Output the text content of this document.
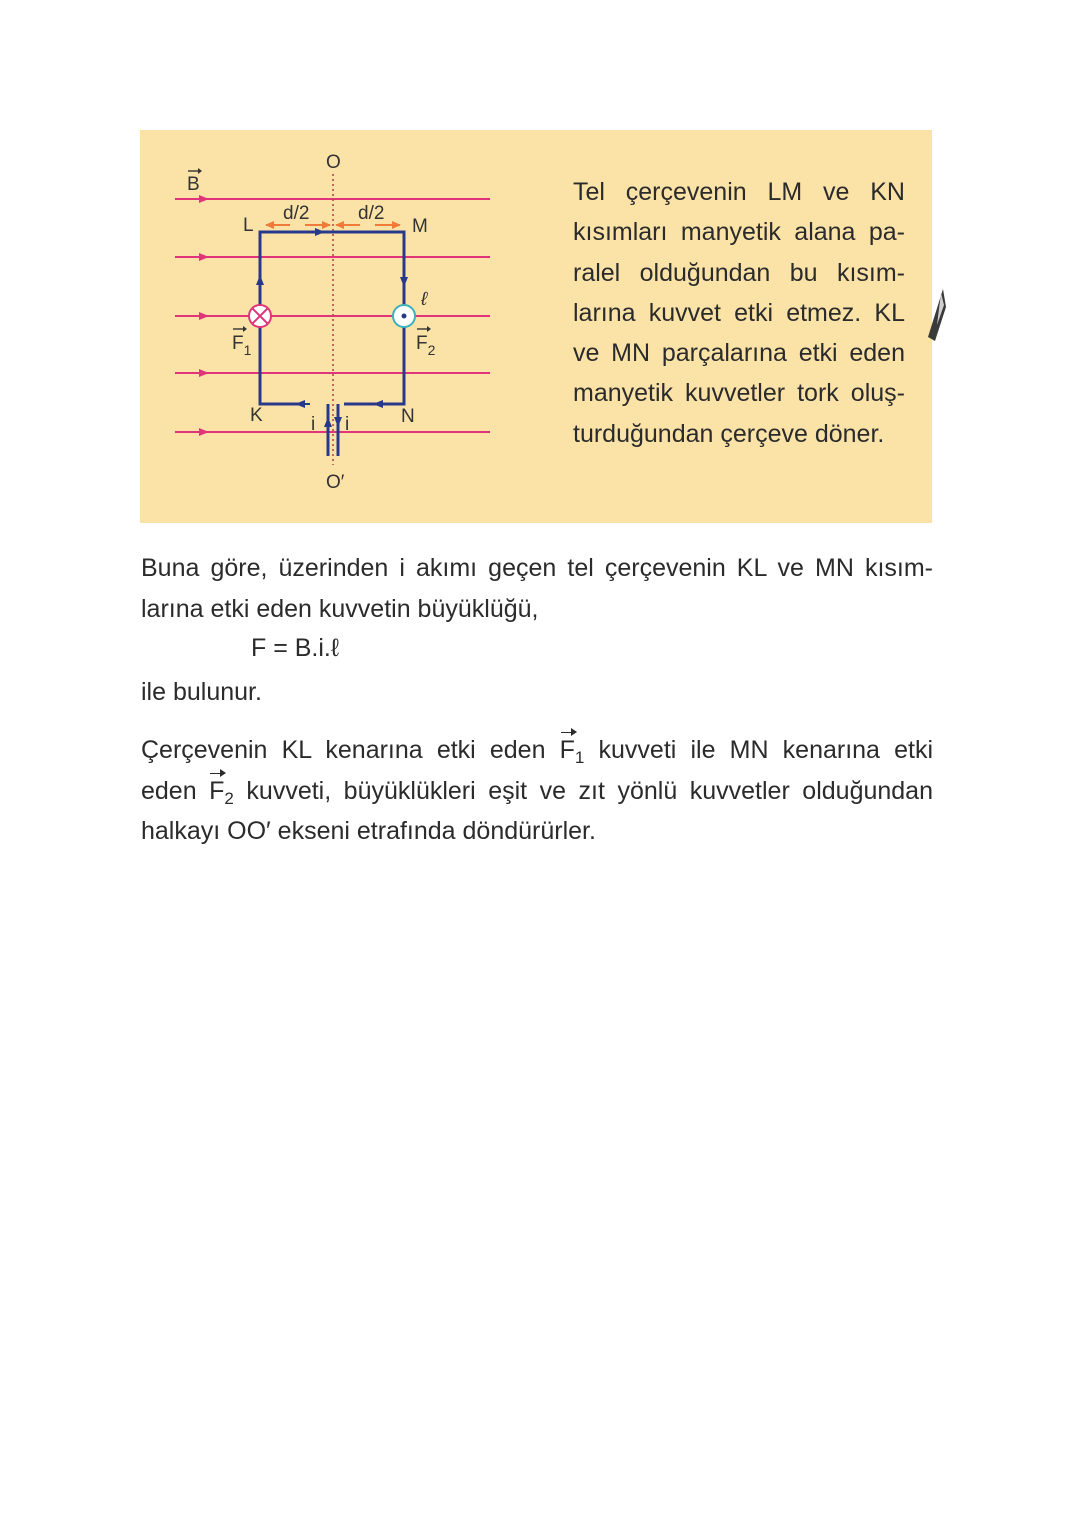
B
O
O′
L	M
K	N
d/2	d/2
ℓ
i i
$F_1$	$F_2$
Tel çerçevenin LM ve KN
kısımları manyetik alana pa-
ralel olduğundan bu kısım-
larına kuvvet etki etmez. KL
ve MN parçalarına etki eden
manyetik kuvvetler tork oluş-
turduğundan çerçeve döner.
Buna göre, üzerinden i akımı geçen tel çerçevenin KL ve MN kısım-
larına etki eden kuvvetin büyüklüğü,
F = B.i.ℓ
ile bulunur.
Çerçevenin KL kenarına etki eden $F_1$ kuvveti ile MN kenarına etki
eden $F_2$ kuvveti, büyüklükleri eşit ve zıt yönlü kuvvetler olduğundan
halkayı OO′ ekseni etrafında döndürürler.
